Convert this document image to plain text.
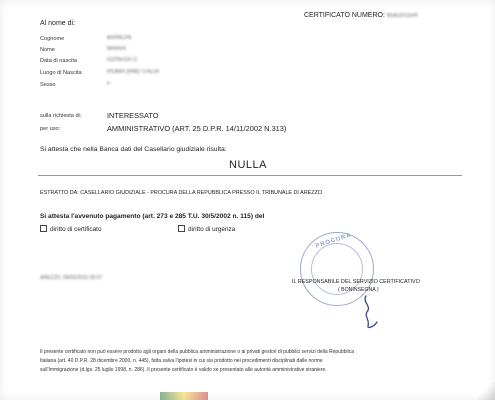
CERTIFICATO NUMERO: 654/2015/R
Al nome di:
Cognome	BIANCHI
Nome	MARIA
Data di nascita	02/05/1972
Luogo di Nascita	ROMA (RM) ITALIA
Sesso	F
sulla richiesta di:	INTERESSATO
per uso:	AMMINISTRATIVO (ART. 25 D.P.R. 14/11/2002 N.313)
Si attesta che nella Banca dati del Casellario giudiziale risulta:
NULLA
ESTRATTO DA: CASELLARIO GIUDIZIALE - PROCURA DELLA REPUBBLICA PRESSO IL TRIBUNALE DI AREZZO
Si attesta l'avvenuto pagamento (art. 273 e 285 T.U. 30/5/2002 n. 115) del
diritto di certificato	diritto di urgenza
AREZZO, 05/03/2015 09:37
PROCURA
IL RESPONSABILE DEL SERVIZIO CERTIFICATIVO
( BONINSEGNA )
Il presente certificato non può essere prodotto agli organi della pubblica amministrazione o ai privati gestori di pubblici servizi della Repubblica
Italiana (art. 40 D.P.R. 28 dicembre 2000, n. 445), fatta salva l'ipotesi in cui sia prodotto nei procedimenti disciplinati dalle norme
sull'Immigrazione (d.lgs. 25 luglio 1998, n. 286). Il presente certificato è valido se presentato alle autorità amministrative straniere.
